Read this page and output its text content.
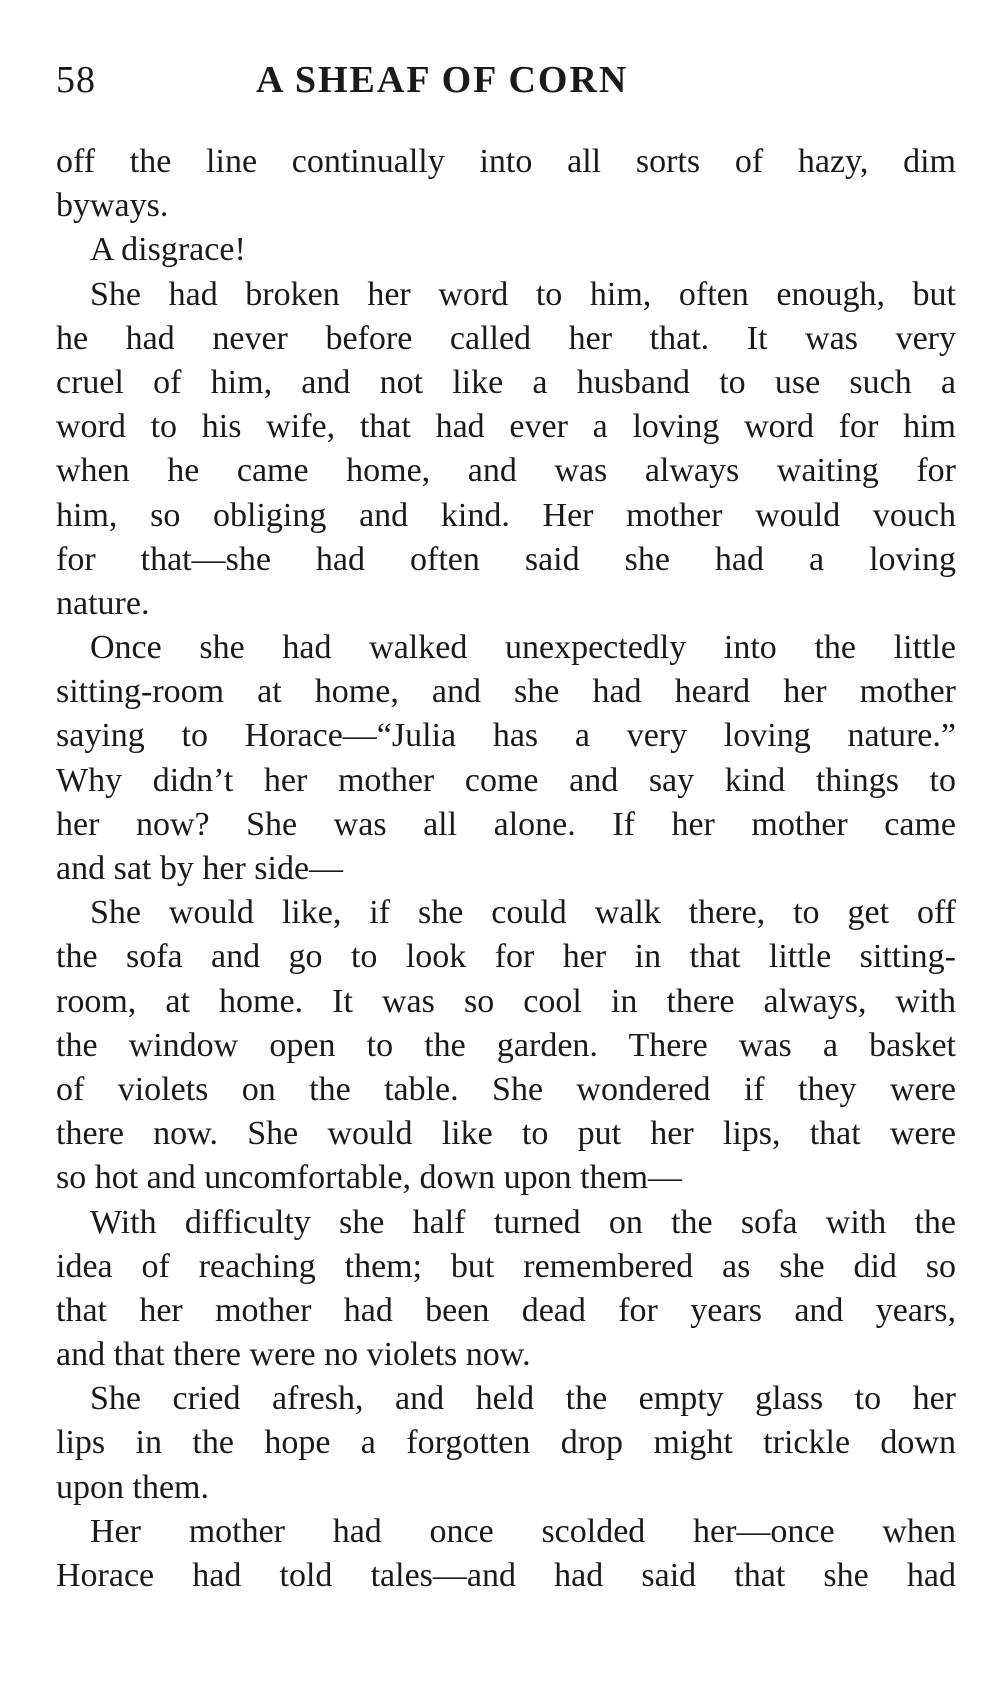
58	A SHEAF OF CORN
off the line continually into all sorts of hazy, dim
byways.
A disgrace!
She had broken her word to him, often enough, but
he had never before called her that. It was very
cruel of him, and not like a husband to use such a
word to his wife, that had ever a loving word for him
when he came home, and was always waiting for
him, so obliging and kind. Her mother would vouch
for that—she had often said she had a loving
nature.
Once she had walked unexpectedly into the little
sitting-room at home, and she had heard her mother
saying to Horace—“Julia has a very loving nature.”
Why didn’t her mother come and say kind things to
her now? She was all alone. If her mother came
and sat by her side—
She would like, if she could walk there, to get off
the sofa and go to look for her in that little sitting-
room, at home. It was so cool in there always, with
the window open to the garden. There was a basket
of violets on the table. She wondered if they were
there now. She would like to put her lips, that were
so hot and uncomfortable, down upon them—
With difficulty she half turned on the sofa with the
idea of reaching them; but remembered as she did so
that her mother had been dead for years and years,
and that there were no violets now.
She cried afresh, and held the empty glass to her
lips in the hope a forgotten drop might trickle down
upon them.
Her mother had once scolded her—once when
Horace had told tales—and had said that she had
